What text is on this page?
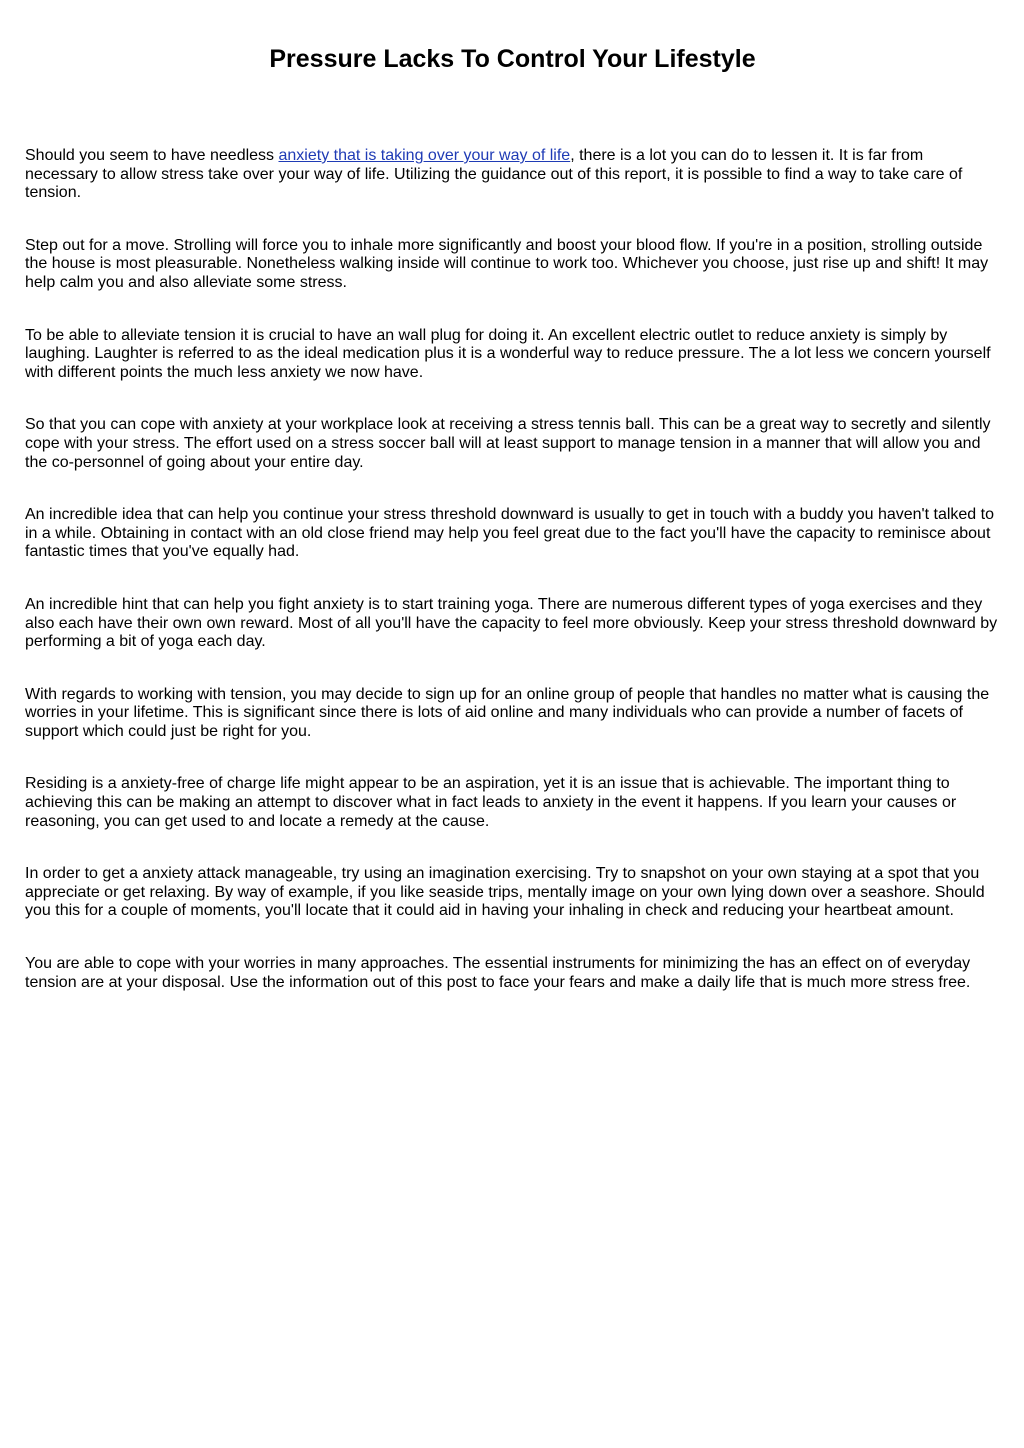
Pressure Lacks To Control Your Lifestyle

Should you seem to have needless anxiety that is taking over your way of life, there is a lot you can do to lessen it. It is far from necessary to allow stress take over your way of life. Utilizing the guidance out of this report, it is possible to find a way to take care of tension.

Step out for a move. Strolling will force you to inhale more significantly and boost your blood flow. If you're in a position, strolling outside the house is most pleasurable. Nonetheless walking inside will continue to work too. Whichever you choose, just rise up and shift! It may help calm you and also alleviate some stress.

To be able to alleviate tension it is crucial to have an wall plug for doing it. An excellent electric outlet to reduce anxiety is simply by laughing. Laughter is referred to as the ideal medication plus it is a wonderful way to reduce pressure. The a lot less we concern yourself with different points the much less anxiety we now have.

So that you can cope with anxiety at your workplace look at receiving a stress tennis ball. This can be a great way to secretly and silently cope with your stress. The effort used on a stress soccer ball will at least support to manage tension in a manner that will allow you and the co-personnel of going about your entire day.

An incredible idea that can help you continue your stress threshold downward is usually to get in touch with a buddy you haven't talked to in a while. Obtaining in contact with an old close friend may help you feel great due to the fact you'll have the capacity to reminisce about fantastic times that you've equally had.

An incredible hint that can help you fight anxiety is to start training yoga. There are numerous different types of yoga exercises and they also each have their own own reward. Most of all you'll have the capacity to feel more obviously. Keep your stress threshold downward by performing a bit of yoga each day.

With regards to working with tension, you may decide to sign up for an online group of people that handles no matter what is causing the worries in your lifetime. This is significant since there is lots of aid online and many individuals who can provide a number of facets of support which could just be right for you.

Residing is a anxiety-free of charge life might appear to be an aspiration, yet it is an issue that is achievable. The important thing to achieving this can be making an attempt to discover what in fact leads to anxiety in the event it happens. If you learn your causes or reasoning, you can get used to and locate a remedy at the cause.

In order to get a anxiety attack manageable, try using an imagination exercising. Try to snapshot on your own staying at a spot that you appreciate or get relaxing. By way of example, if you like seaside trips, mentally image on your own lying down over a seashore. Should you this for a couple of moments, you'll locate that it could aid in having your inhaling in check and reducing your heartbeat amount.

You are able to cope with your worries in many approaches. The essential instruments for minimizing the has an effect on of everyday tension are at your disposal. Use the information out of this post to face your fears and make a daily life that is much more stress free.
